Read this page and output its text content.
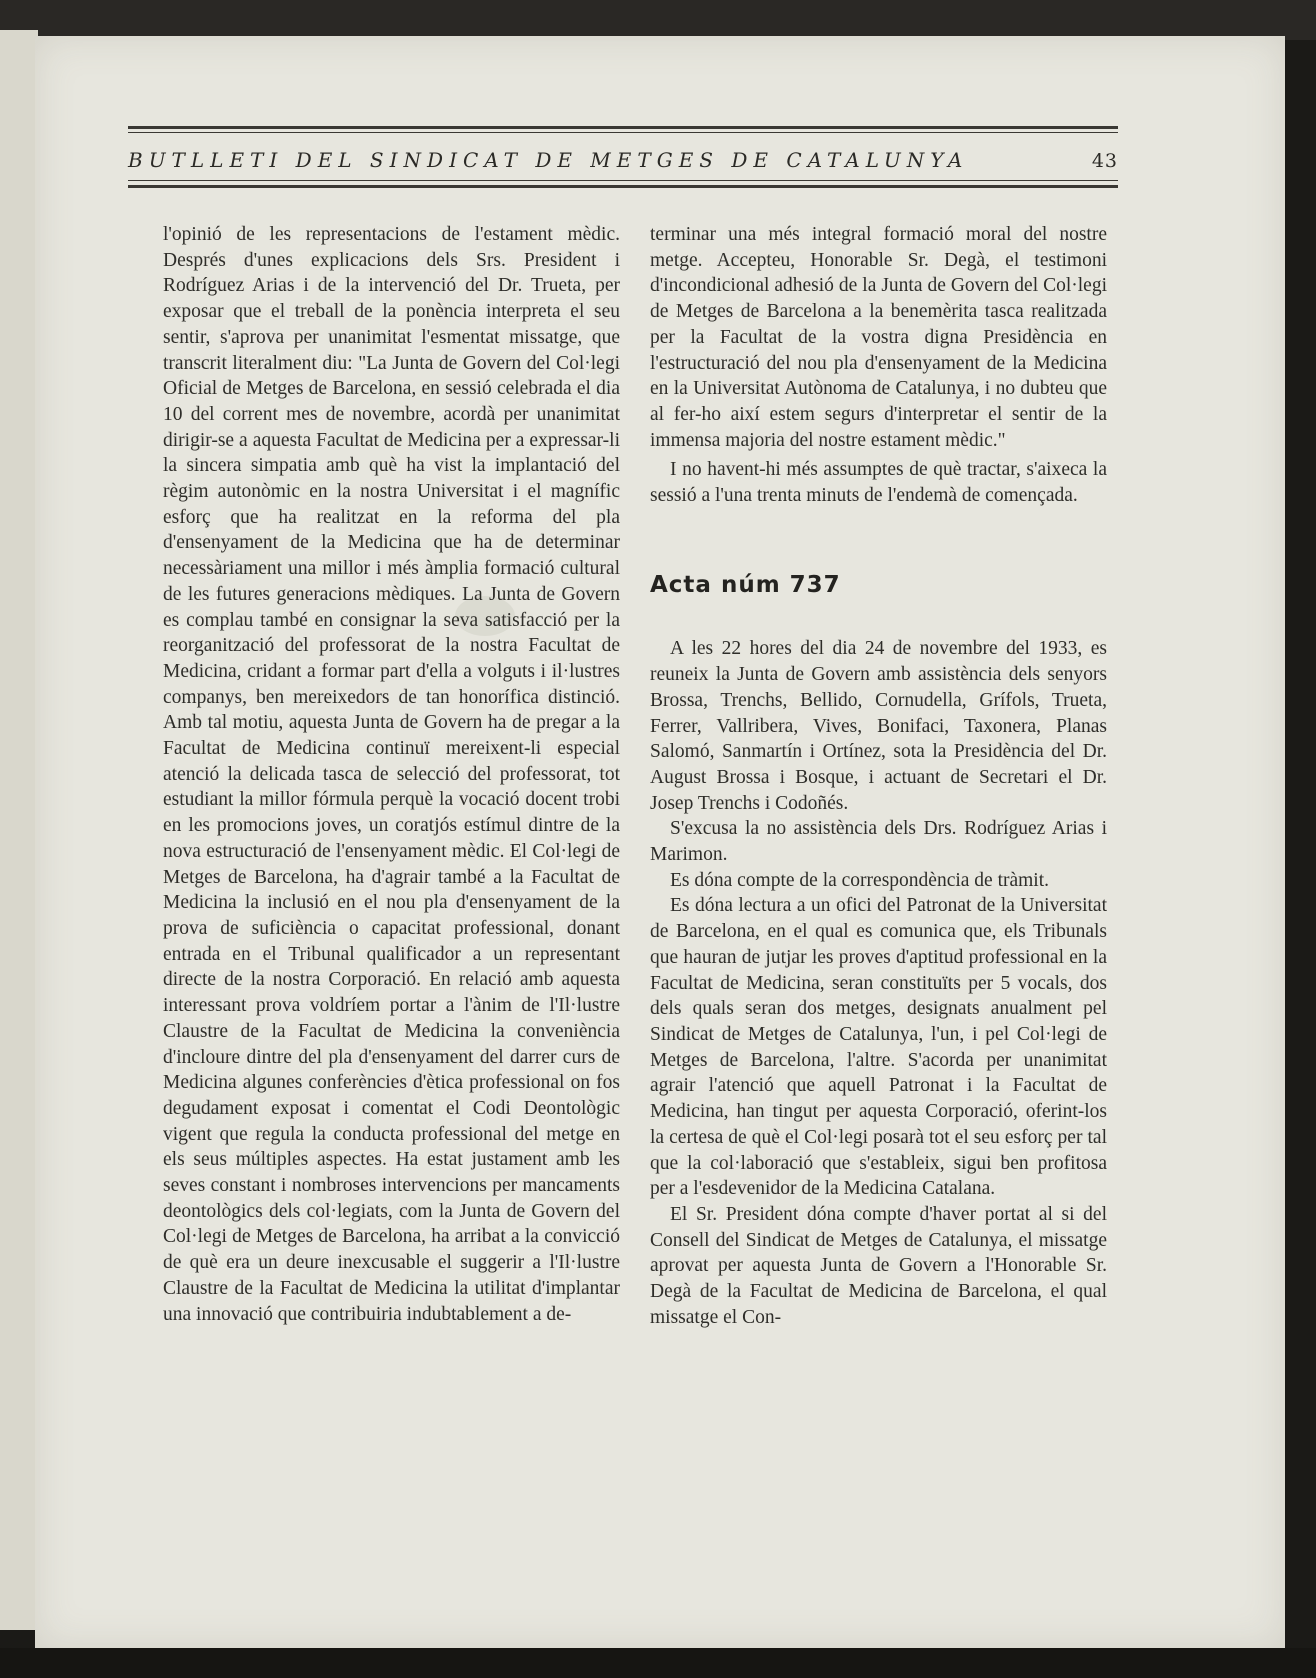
BUTLLETI DEL SINDICAT DE METGES DE CATALUNYA	43

l'opinió de les representacions de l'estament mèdic. Després d'unes explicacions dels Srs. President i Rodríguez Arias i de la intervenció del Dr. Trueta, per exposar que el treball de la ponència interpreta el seu sentir, s'aprova per unanimitat l'esmentat missatge, que transcrit literalment diu: "La Junta de Govern del Col·legi Oficial de Metges de Barcelona, en sessió celebrada el dia 10 del corrent mes de novembre, acordà per unanimitat dirigir-se a aquesta Facultat de Medicina per a expressar-li la sincera simpatia amb què ha vist la implantació del règim autonòmic en la nostra Universitat i el magnífic esforç que ha realitzat en la reforma del pla d'ensenyament de la Medicina que ha de determinar necessàriament una millor i més àmplia formació cultural de les futures generacions mèdiques. La Junta de Govern es complau també en consignar la seva satisfacció per la reorganització del professorat de la nostra Facultat de Medicina, cridant a formar part d'ella a volguts i il·lustres companys, ben mereixedors de tan honorífica distinció. Amb tal motiu, aquesta Junta de Govern ha de pregar a la Facultat de Medicina continuï mereixent-li especial atenció la delicada tasca de selecció del professorat, tot estudiant la millor fórmula perquè la vocació docent trobi en les promocions joves, un coratjós estímul dintre de la nova estructuració de l'ensenyament mèdic. El Col·legi de Metges de Barcelona, ha d'agrair també a la Facultat de Medicina la inclusió en el nou pla d'ensenyament de la prova de suficiència o capacitat professional, donant entrada en el Tribunal qualificador a un representant directe de la nostra Corporació. En relació amb aquesta interessant prova voldríem portar a l'ànim de l'Il·lustre Claustre de la Facultat de Medicina la conveniència d'incloure dintre del pla d'ensenyament del darrer curs de Medicina algunes conferències d'ètica professional on fos degudament exposat i comentat el Codi Deontològic vigent que regula la conducta professional del metge en els seus múltiples aspectes. Ha estat justament amb les seves constant i nombroses intervencions per mancaments deontològics dels col·legiats, com la Junta de Govern del Col·legi de Metges de Barcelona, ha arribat a la convicció de què era un deure inexcusable el suggerir a l'Il·lustre Claustre de la Facultat de Medicina la utilitat d'implantar una innovació que contribuiria indubtablement a de-

terminar una més integral formació moral del nostre metge. Accepteu, Honorable Sr. Degà, el testimoni d'incondicional adhesió de la Junta de Govern del Col·legi de Metges de Barcelona a la benemèrita tasca realitzada per la Facultat de la vostra digna Presidència en l'estructuració del nou pla d'ensenyament de la Medicina en la Universitat Autònoma de Catalunya, i no dubteu que al fer-ho així estem segurs d'interpretar el sentir de la immensa majoria del nostre estament mèdic."

I no havent-hi més assumptes de què tractar, s'aixeca la sessió a l'una trenta minuts de l'endemà de començada.

Acta núm 737

A les 22 hores del dia 24 de novembre del 1933, es reuneix la Junta de Govern amb assistència dels senyors Brossa, Trenchs, Bellido, Cornudella, Grífols, Trueta, Ferrer, Vallribera, Vives, Bonifaci, Taxonera, Planas Salomó, Sanmartín i Ortínez, sota la Presidència del Dr. August Brossa i Bosque, i actuant de Secretari el Dr. Josep Trenchs i Codoñés.

S'excusa la no assistència dels Drs. Rodríguez Arias i Marimon.

Es dóna compte de la correspondència de tràmit.

Es dóna lectura a un ofici del Patronat de la Universitat de Barcelona, en el qual es comunica que, els Tribunals que hauran de jutjar les proves d'aptitud professional en la Facultat de Medicina, seran constituïts per 5 vocals, dos dels quals seran dos metges, designats anualment pel Sindicat de Metges de Catalunya, l'un, i pel Col·legi de Metges de Barcelona, l'altre. S'acorda per unanimitat agrair l'atenció que aquell Patronat i la Facultat de Medicina, han tingut per aquesta Corporació, oferint-los la certesa de què el Col·legi posarà tot el seu esforç per tal que la col·laboració que s'estableix, sigui ben profitosa per a l'esdevenidor de la Medicina Catalana.

El Sr. President dóna compte d'haver portat al si del Consell del Sindicat de Metges de Catalunya, el missatge aprovat per aquesta Junta de Govern a l'Honorable Sr. Degà de la Facultat de Medicina de Barcelona, el qual missatge el Con-
